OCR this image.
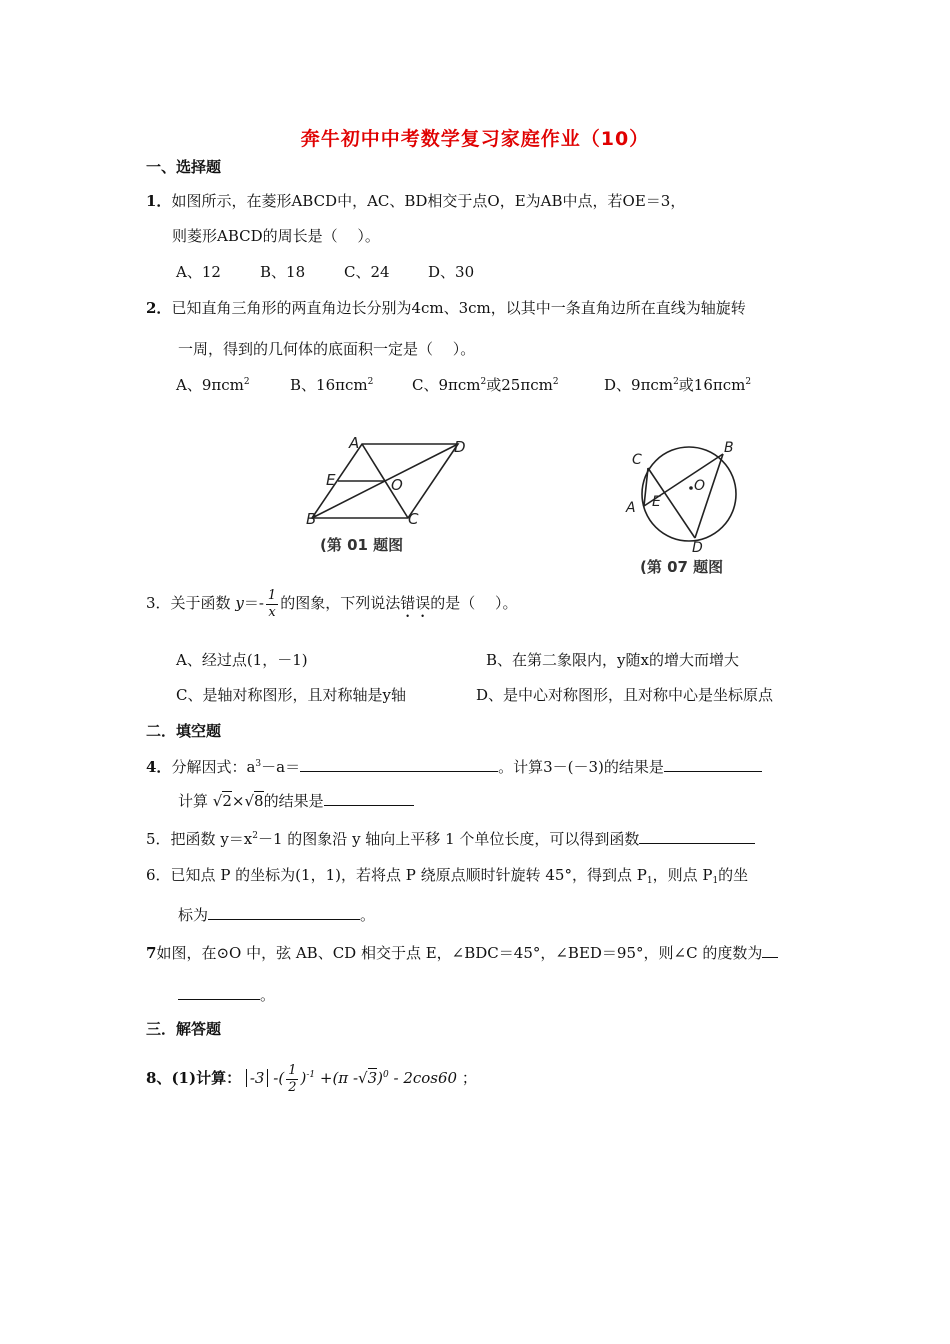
奔牛初中中考数学复习家庭作业（10）
一、选择题
1．如图所示，在菱形ABCD中，AC、BD相交于点O，E为AB中点，若OE＝3，
则菱形ABCD的周长是（　 ）。
A、12	B、18	C、24	D、30
2．已知直角三角形的两直角边长分别为4cm、3cm，以其中一条直角边所在直线为轴旋转
一周，得到的几何体的底面积一定是（　 ）。
A、9πcm$^2$	B、16πcm$^2$	C、9πcm$^2$或25πcm$^2$	D、9πcm$^2$或16πcm$^2$
A	D
E	O
B	C
(第 01 题图
C
B
O
A E
D
(第 07 题图
3．关于函数 $y=- \frac{1}{x}$ 的图象，下列说法错误的是（　 ）。
A、经过点(1，－1)	B、在第二象限内，y随x的增大而增大
C、是轴对称图形，且对称轴是y轴	D、是中心对称图形，且对称中心是坐标原点
二．填空题
4．分解因式：$a^3-a=$	。计算3－(－3)的结果是
计算 √2×√8的结果是
5．把函数 $y=x^2-1$ 的图象沿 y 轴向上平移 1 个单位长度，可以得到函数
6．已知点 P 的坐标为(1，1)，若将点 P 绕原点顺时针旋转 45°，得到点 $P_1$，则点 $P_1$的坐
标为	。
7如图，在⊙O 中，弦 AB、CD 相交于点 E，∠BDC＝45°，∠BED＝95°，则∠C 的度数为
。
三．解答题
8、(1)计算： -3 -( $\frac{1}{2} )^{-1} +(\pi$ -√3)$^0$ - 2cos60 ；
